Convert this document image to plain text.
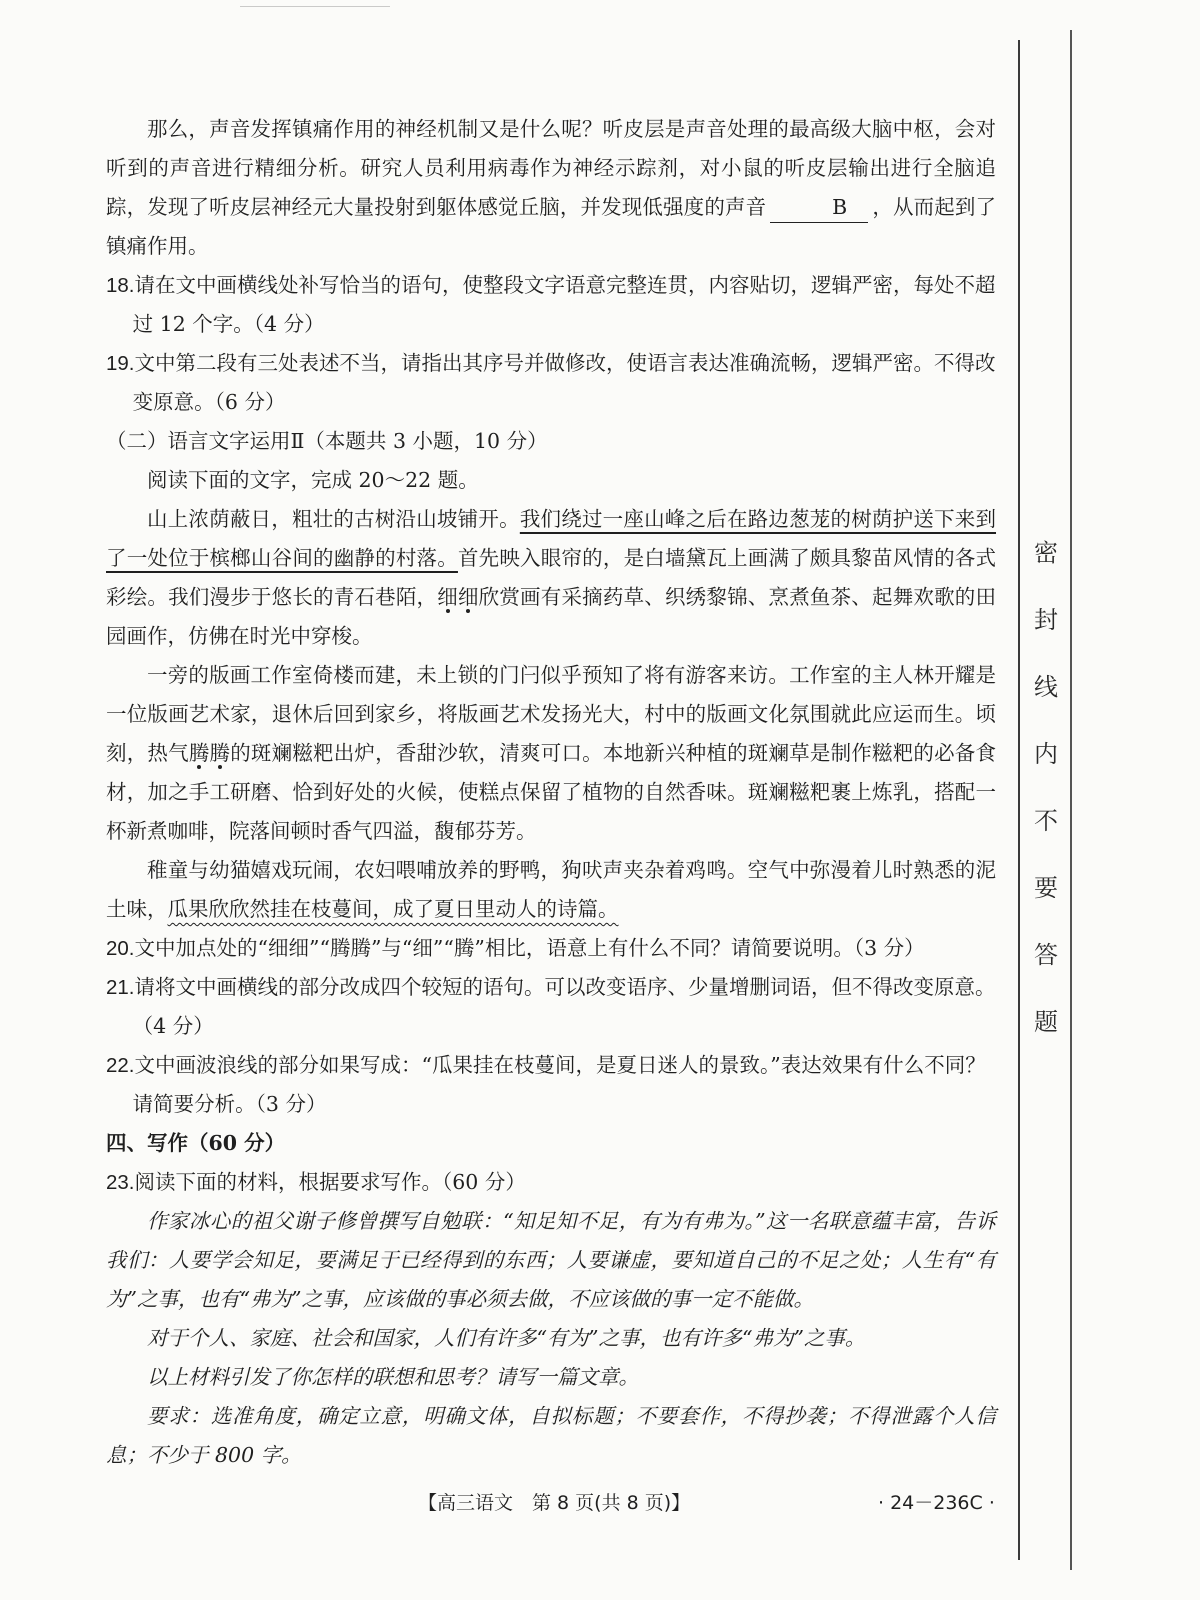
那么，声音发挥镇痛作用的神经机制又是什么呢？听皮层是声音处理的最高级大脑中枢，会对听到的声音进行精细分析。研究人员利用病毒作为神经示踪剂，对小鼠的听皮层输出进行全脑追踪，发现了听皮层神经元大量投射到躯体感觉丘脑，并发现低强度的声音	B ，从而起到了镇痛作用。

18.请在文中画横线处补写恰当的语句，使整段文字语意完整连贯，内容贴切，逻辑严密，每处不超过 12 个字。（4 分）

19.文中第二段有三处表述不当，请指出其序号并做修改，使语言表达准确流畅，逻辑严密。不得改变原意。（6 分）

（二）语言文字运用Ⅱ（本题共 3 小题，10 分）

阅读下面的文字，完成 20～22 题。

山上浓荫蔽日，粗壮的古树沿山坡铺开。我们绕过一座山峰之后在路边葱茏的树荫护送下来到了一处位于槟榔山谷间的幽静的村落。首先映入眼帘的，是白墙黛瓦上画满了颇具黎苗风情的各式彩绘。我们漫步于悠长的青石巷陌，细细欣赏画有采摘药草、织绣黎锦、烹煮鱼茶、起舞欢歌的田园画作，仿佛在时光中穿梭。

一旁的版画工作室倚楼而建，未上锁的门闩似乎预知了将有游客来访。工作室的主人林开耀是一位版画艺术家，退休后回到家乡，将版画艺术发扬光大，村中的版画文化氛围就此应运而生。顷刻，热气腾腾的斑斓糍粑出炉，香甜沙软，清爽可口。本地新兴种植的斑斓草是制作糍粑的必备食材，加之手工研磨、恰到好处的火候，使糕点保留了植物的自然香味。斑斓糍粑裹上炼乳，搭配一杯新煮咖啡，院落间顿时香气四溢，馥郁芬芳。

稚童与幼猫嬉戏玩闹，农妇喂哺放养的野鸭，狗吠声夹杂着鸡鸣。空气中弥漫着儿时熟悉的泥土味，瓜果欣欣然挂在枝蔓间，成了夏日里动人的诗篇。

20.文中加点处的“细细”“腾腾”与“细”“腾”相比，语意上有什么不同？请简要说明。（3 分）

21.请将文中画横线的部分改成四个较短的语句。可以改变语序、少量增删词语，但不得改变原意。（4 分）

22.文中画波浪线的部分如果写成：“瓜果挂在枝蔓间，是夏日迷人的景致。”表达效果有什么不同？请简要分析。（3 分）

四、写作（60 分）

23.阅读下面的材料，根据要求写作。（60 分）

作家冰心的祖父谢子修曾撰写自勉联：“知足知不足，有为有弗为。”这一名联意蕴丰富，告诉我们：人要学会知足，要满足于已经得到的东西；人要谦虚，要知道自己的不足之处；人生有“有为”之事，也有“弗为”之事，应该做的事必须去做，不应该做的事一定不能做。

对于个人、家庭、社会和国家，人们有许多“有为”之事，也有许多“弗为”之事。

以上材料引发了你怎样的联想和思考？请写一篇文章。

要求：选准角度，确定立意，明确文体，自拟标题；不要套作，不得抄袭；不得泄露个人信息；不少于 800 字。

【高三语文　第 8 页(共 8 页)】	· 24－236C ·
密
封
线
内
不
要
答
题
